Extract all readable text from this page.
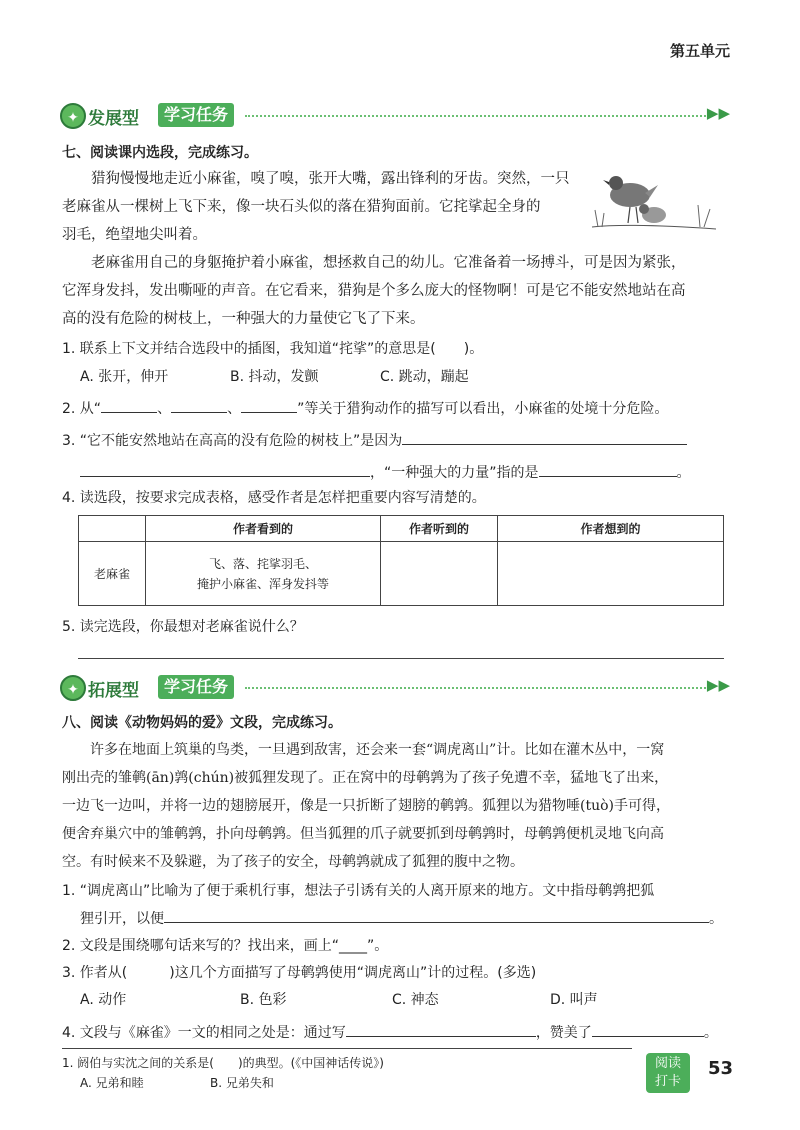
第五单元
✦ 发展型	学习任务	▶▶
七、阅读课内选段，完成练习。
猎狗慢慢地走近小麻雀，嗅了嗅，张开大嘴，露出锋利的牙齿。突然，一只
老麻雀从一棵树上飞下来，像一块石头似的落在猎狗面前。它挓挲起全身的
羽毛，绝望地尖叫着。
老麻雀用自己的身躯掩护着小麻雀，想拯救自己的幼儿。它准备着一场搏斗，可是因为紧张，
它浑身发抖，发出嘶哑的声音。在它看来，猎狗是个多么庞大的怪物啊！可是它不能安然地站在高
高的没有危险的树枝上，一种强大的力量使它飞了下来。
1. 联系上下文并结合选段中的插图，我知道“挓挲”的意思是(　　)。
A. 张开，伸开	B. 抖动，发颤	C. 跳动，蹦起
2. 从“	、	、	”等关于猎狗动作的描写可以看出，小麻雀的处境十分危险。
3. “它不能安然地站在高高的没有危险的树枝上”是因为
，“一种强大的力量”指的是	。
4. 读选段，按要求完成表格，感受作者是怎样把重要内容写清楚的。
	作者看到的	作者听到的	作者想到的
老麻雀	飞、落、挓挲羽毛、
掩护小麻雀、浑身发抖等		

5. 读完选段，你最想对老麻雀说什么？
✦ 拓展型	学习任务	▶▶
八、阅读《动物妈妈的爱》文段，完成练习。
许多在地面上筑巢的鸟类，一旦遇到敌害，还会来一套“调虎离山”计。比如在灌木丛中，一窝
刚出壳的雏鹌(ān)鹑(chún)被狐狸发现了。正在窝中的母鹌鹑为了孩子免遭不幸，猛地飞了出来，
一边飞一边叫，并将一边的翅膀展开，像是一只折断了翅膀的鹌鹑。狐狸以为猎物唾(tuò)手可得，
便舍弃巢穴中的雏鹌鹑，扑向母鹌鹑。但当狐狸的爪子就要抓到母鹌鹑时，母鹌鹑便机灵地飞向高
空。有时候来不及躲避，为了孩子的安全，母鹌鹑就成了狐狸的腹中之物。
1. “调虎离山”比喻为了便于乘机行事，想法子引诱有关的人离开原来的地方。文中指母鹌鹑把狐
狸引开，以便	。
2. 文段是围绕哪句话来写的？找出来，画上“____”。
3. 作者从(　　　)这几个方面描写了母鹌鹑使用“调虎离山”计的过程。(多选)
A. 动作	B. 色彩	C. 神态	D. 叫声
4. 文段与《麻雀》一文的相同之处是：通过写	，赞美了	。
1. 阏伯与实沈之间的关系是(　　)的典型。(《中国神话传说》)
A. 兄弟和睦	B. 兄弟失和
阅读
打卡
53
